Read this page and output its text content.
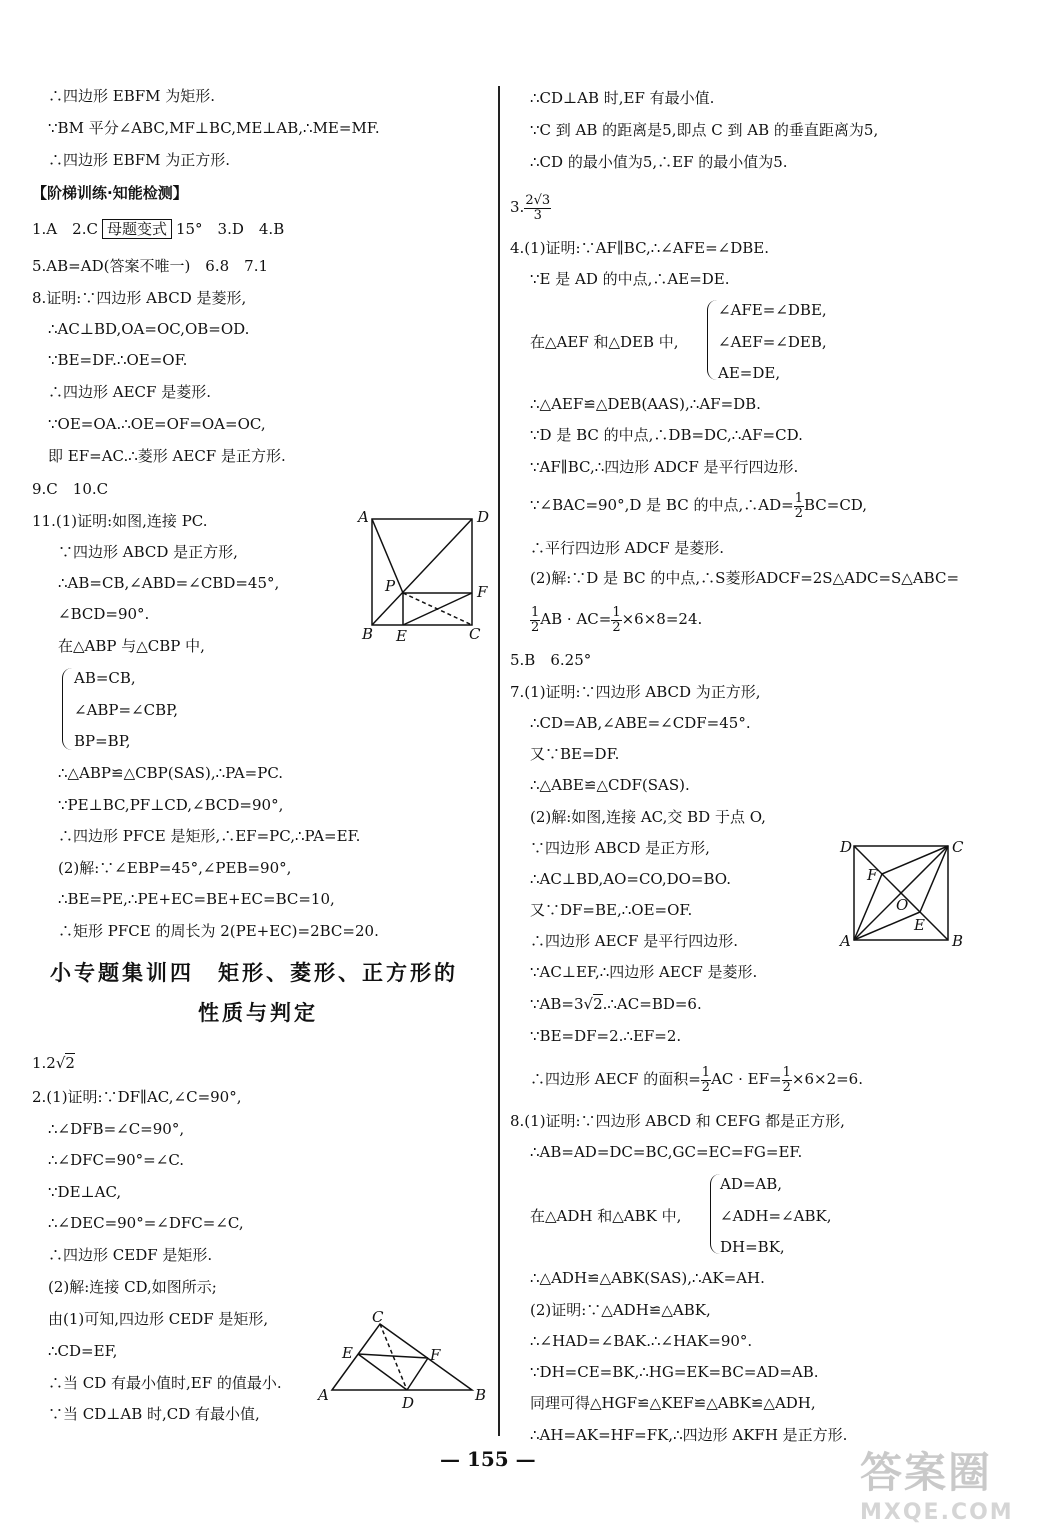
∴四边形 EBFM 为矩形.
∵BM 平分∠ABC,MF⊥BC,ME⊥AB,∴ME=MF.
∴四边形 EBFM 为正方形.
【阶梯训练·知能检测】
1.A　2.C 母题变式 15°　3.D　4.B
5.AB=AD(答案不唯一)　6.8　7.1
8.证明:∵四边形 ABCD 是菱形,
∴AC⊥BD,OA=OC,OB=OD.
∵BE=DF.∴OE=OF.
∴四边形 AECF 是菱形.
∵OE=OA.∴OE=OF=OA=OC,
即 EF=AC.∴菱形 AECF 是正方形.
9.C　10.C
11.(1)证明:如图,连接 PC.
∵四边形 ABCD 是正方形,
∴AB=CB,∠ABD=∠CBD=45°,
∠BCD=90°.
在△ABP 与△CBP 中,
AB=CB,
∠ABP=∠CBP,
BP=BP,
∴△ABP≌△CBP(SAS),∴PA=PC.
∵PE⊥BC,PF⊥CD,∠BCD=90°,
∴四边形 PFCE 是矩形,∴EF=PC,∴PA=EF.
(2)解:∵∠EBP=45°,∠PEB=90°,
∴BE=PE,∴PE+EC=BE+EC=BC=10,
∴矩形 PFCE 的周长为 2(PE+EC)=2BC=20.
小专题集训四　矩形、菱形、正方形的
性质与判定
1.2√2
2.(1)证明:∵DF∥AC,∠C=90°,
∴∠DFB=∠C=90°,
∴∠DFC=90°=∠C.
∵DE⊥AC,
∴∠DEC=90°=∠DFC=∠C,
∴四边形 CEDF 是矩形.
(2)解:连接 CD,如图所示;
由(1)可知,四边形 CEDF 是矩形,
∴CD=EF,
∴当 CD 有最小值时,EF 的值最小.
∵当 CD⊥AB 时,CD 有最小值,
A	D
B	C
P	F
E
C
E	F
A	D	B
∴CD⊥AB 时,EF 有最小值.
∵C 到 AB 的距离是5,即点 C 到 AB 的垂直距离为5,
∴CD 的最小值为5,∴EF 的最小值为5.
3. $\frac{2√3}{3}$
4.(1)证明:∵AF∥BC,∴∠AFE=∠DBE.
∵E 是 AD 的中点,∴AE=DE.
在△AEF 和△DEB 中,
∠AFE=∠DBE,
∠AEF=∠DEB,
AE=DE,
∴△AEF≌△DEB(AAS),∴AF=DB.
∵D 是 BC 的中点,∴DB=DC,∴AF=CD.
∵AF∥BC,∴四边形 ADCF 是平行四边形.
∵∠BAC=90°,D 是 BC 的中点,∴AD= $\frac{1}{2} BC=CD$,
∴平行四边形 ADCF 是菱形.
(2)解:∵D 是 BC 的中点,∴S菱形ADCF=2S△ADC=S△ABC=
$\frac{1}{2}$ AB · $AC= \frac{1}{2} \times 6\times 8=24$.
5.B　6.25°
7.(1)证明:∵四边形 ABCD 为正方形,
∴CD=AB,∠ABE=∠CDF=45°.
又∵BE=DF.
∴△ABE≌△CDF(SAS).
(2)解:如图,连接 AC,交 BD 于点 O,
∵四边形 ABCD 是正方形,
∴AC⊥BD,AO=CO,DO=BO.
又∵DF=BE,∴OE=OF.
∴四边形 AECF 是平行四边形.
∵AC⊥EF,∴四边形 AECF 是菱形.
∵AB=3√2.∴AC=BD=6.
∵BE=DF=2.∴EF=2.
∴四边形 AECF 的面积= $\frac{1}{2}$ AC · $EF= \frac{1}{2} \times 6\times 2=6$.
8.(1)证明:∵四边形 ABCD 和 CEFG 都是正方形,
∴AB=AD=DC=BC,GC=EC=FG=EF.
在△ADH 和△ABK 中,
AD=AB,
∠ADH=∠ABK,
DH=BK,
∴△ADH≌△ABK(SAS),∴AK=AH.
(2)证明:∵△ADH≌△ABK,
∴∠HAD=∠BAK.∴∠HAK=90°.
∵DH=CE=BK,∴HG=EK=BC=AD=AB.
同理可得△HGF≌△KEF≌△ABK≌△ADH,
∴AH=AK=HF=FK,∴四边形 AKFH 是正方形.
D	C
F
O
E
A	B
— 155 —	答案圈
MXQE.COM
